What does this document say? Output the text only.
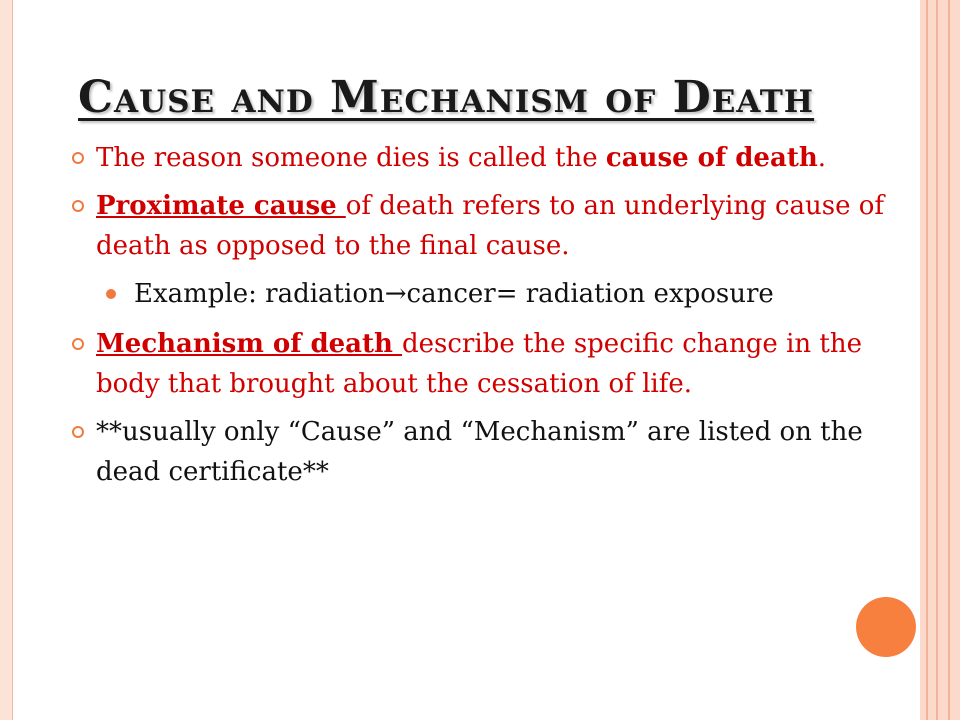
Cause and Mechanism of Death
The reason someone dies is called the cause of death.
Proximate cause of death refers to an underlying cause of death as opposed to the final cause.
Example: radiation→cancer= radiation exposure
Mechanism of death describe the specific change in the body that brought about the cessation of life.
**usually only “Cause” and “Mechanism” are listed on the dead certificate**
